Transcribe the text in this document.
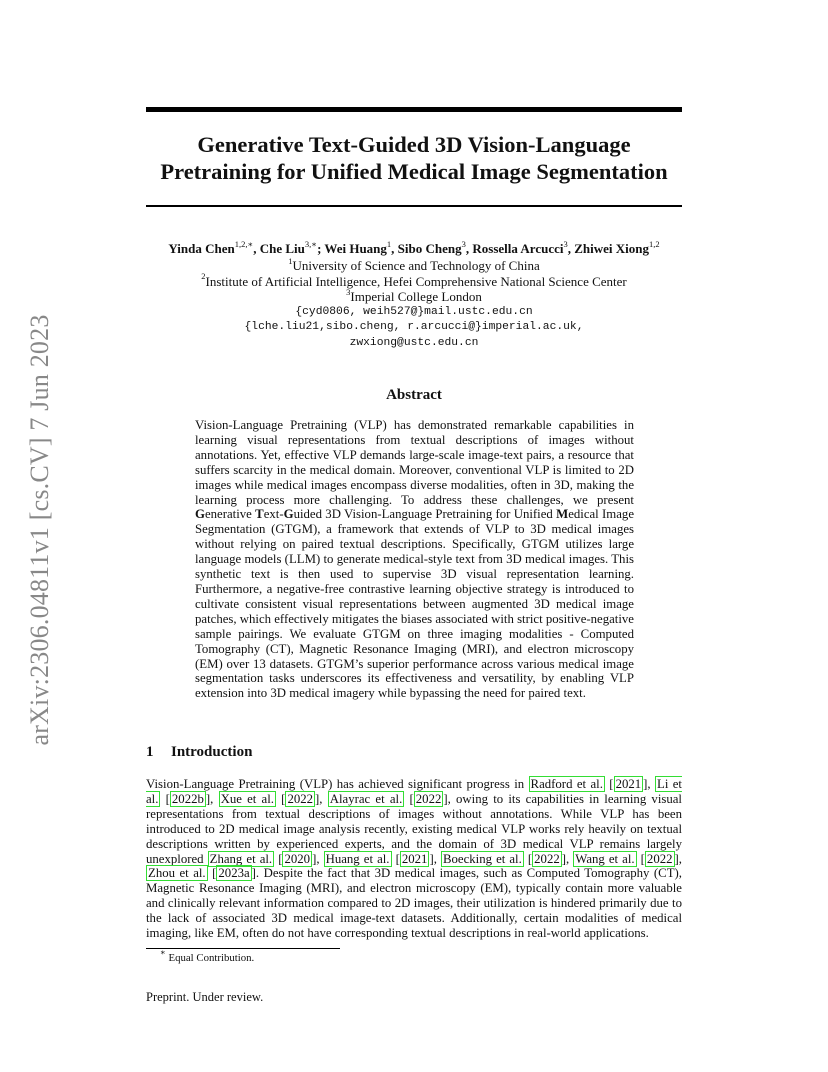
arXiv:2306.04811v1 [cs.CV] 7 Jun 2023
Generative Text-Guided 3D Vision-Language
Pretraining for Unified Medical Image Segmentation
Yinda Chen$^{1,2,∗}$, Che Liu$^{3,∗}$; Wei Huang$^1$, Sibo Cheng$^3$, Rossella Arcucci$^3$, Zhiwei Xiong$^{1,2}$
$^1$University of Science and Technology of China
$^2$Institute of Artificial Intelligence, Hefei Comprehensive National Science Center
$^3$Imperial College London
{cyd0806, weih527@}mail.ustc.edu.cn
{lche.liu21,sibo.cheng, r.arcucci@}imperial.ac.uk,
zwxiong@ustc.edu.cn
Abstract
Vision-Language Pretraining (VLP) has demonstrated remarkable capabilities in learning visual representations from textual descriptions of images without annotations. Yet, effective VLP demands large-scale image-text pairs, a resource that suffers scarcity in the medical domain. Moreover, conventional VLP is limited to 2D images while medical images encompass diverse modalities, often in 3D, making the learning process more challenging. To address these challenges, we present Generative Text-Guided 3D Vision-Language Pretraining for Unified Medical Image Segmentation (GTGM), a framework that extends of VLP to 3D medical images without relying on paired textual descriptions. Specifically, GTGM utilizes large language models (LLM) to generate medical-style text from 3D medical images. This synthetic text is then used to supervise 3D visual representation learning. Furthermore, a negative-free contrastive learning objective strategy is introduced to cultivate consistent visual representations between augmented 3D medical image patches, which effectively mitigates the biases associated with strict positive-negative sample pairings. We evaluate GTGM on three imaging modalities - Computed Tomography (CT), Magnetic Resonance Imaging (MRI), and electron microscopy (EM) over 13 datasets. GTGM’s superior performance across various medical image segmentation tasks underscores its effectiveness and versatility, by enabling VLP extension into 3D medical imagery while bypassing the need for paired text.
1 Introduction
Vision-Language Pretraining (VLP) has achieved significant progress in Radford et al. [ 2021 ], Li et al. [ 2022b ], Xue et al. [ 2022 ], Alayrac et al. [ 2022 ], owing to its capabilities in learning visual representations from textual descriptions of images without annotations. While VLP has been introduced to 2D medical image analysis recently, existing medical VLP works rely heavily on textual descriptions written by experienced experts, and the domain of 3D medical VLP remains largely unexplored Zhang et al. [ 2020 ], Huang et al. [ 2021 ], Boecking et al. [ 2022 ], Wang et al. [ 2022 ], Zhou et al. [ 2023a ]. Despite the fact that 3D medical images, such as Computed Tomography (CT), Magnetic Resonance Imaging (MRI), and electron microscopy (EM), typically contain more valuable and clinically relevant information compared to 2D images, their utilization is hindered primarily due to the lack of associated 3D medical image-text datasets. Additionally, certain modalities of medical imaging, like EM, often do not have corresponding textual descriptions in real-world applications.
∗ Equal Contribution.
Preprint. Under review.
